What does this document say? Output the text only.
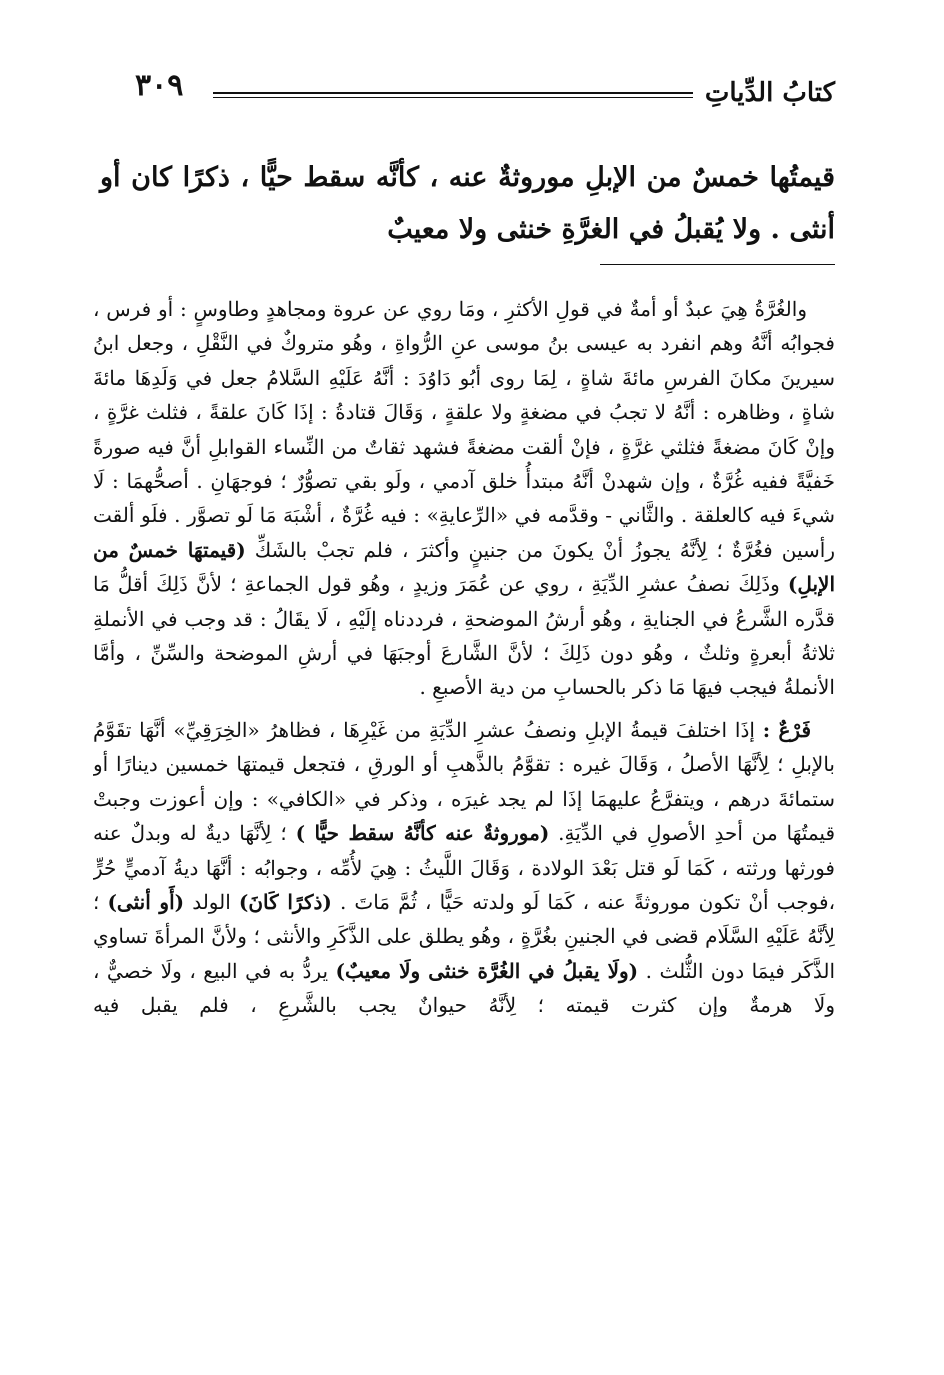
كتابُ الدِّياتِ
٣٠٩
قيمتُها خمسٌ من الإبلِ موروثةٌ عنه ، كأنَّه سقط حيًّا ، ذكرًا كان أو أنثى . ولا يُقبلُ في الغرَّةِ خنثى ولا معيبٌ

والغُرَّةُ هِيَ عبدٌ أو أمةٌ في قولِ الأكثرِ ، ومَا روي عن عروة ومجاهدٍ وطاوسٍ : أو فرس ، فجوابُه أنَّهُ وهم انفرد به عيسى بنُ موسى عنِ الرُّواةِ ، وهُو متروكٌ في النَّقْلِ ، وجعل ابنُ سيرينَ مكانَ الفرسِ مائةَ شاةٍ ، لِمَا روى أبُو دَاوُدَ : أنَّهُ عَلَيْهِ السَّلامُ جعل في وَلَدِهَا مائةَ شاةٍ ، وظاهره : أنَّهُ لا تجبُ في مضغةٍ ولا علقةٍ ، وَقَالَ قتادةُ : إذَا كَانَ علقةً ، فثلث غرَّةٍ ، وإنْ كَانَ مضغةً فثلثي غرَّةٍ ، فإنْ ألقت مضغةً فشهد ثقاتٌ من النِّساء القوابلِ أنَّ فيه صورةً خَفيَّةً ففيه غُرَّةٌ ، وإن شهدنْ أنَّهُ مبتدأُ خلق آدمي ، ولَو بقي تصوُّرٌ ؛ فوجهَانِ . أصحُّهمَا : لَا شيءَ فيه كالعلقة . والثَّاني - وقدَّمه في «الرِّعايةِ» : فيه غُرَّةٌ ، أشْبَهَ مَا لَو تصوَّر . فلَو ألقت رأسين فغُرَّةٌ ؛ لِأنَّهُ يجوزُ أنْ يكونَ من جنينٍ وأكثرَ ، فلم تجبْ بالشَكِّ (قيمتهَا خمسٌ من الإبلِ) وذَلِكَ نصفُ عشرِ الدِّيَةِ ، روي عن عُمَرَ وزيدٍ ، وهُو قول الجماعةِ ؛ لأنَّ ذَلِكَ أقلُّ مَا قدَّره الشَّرعُ في الجنايةِ ، وهُو أرشُ الموضحةِ ، فرددناه إلَيْهِ ، لَا يقَالُ : قد وجب في الأنملةِ ثلاثةُ أبعرةٍ وثلثٌ ، وهُو دون ذَلِكَ ؛ لأنَّ الشَّارعَ أوجبَهَا في أرشِ الموضحة والسِّنِّ ، وأمَّا الأنملةُ فيجب فيهَا مَا ذكر بالحسابِ من دية الأصبعِ .

فَرْعٌ : إذَا اختلفَ قيمةُ الإبلِ ونصفُ عشرِ الدِّيَةِ من غَيْرِهَا ، فظاهرُ «الخِرَقِيِّ» أنَّهَا تقَوَّمُ بالإبلِ ؛ لِأنَّهَا الأصلُ ، وَقَالَ غيره : تقوَّمُ بالذَّهبِ أو الورقِ ، فتجعل قيمتهَا خمسين دينارًا أو ستمائةَ درهم ، ويتفرَّعُ عليهمَا إذَا لم يجد غيرَه ، وذكر في «الكافي» : وإن أعوزت وجبتْ قيمتُهَا من أحدِ الأصولِ في الدِّيَةِ. (موروثةٌ عنه كأنَّهُ سقط حيًّا ) ؛ لِأنَّهَا ديةٌ له وبدلٌ عنه فورثها ورثته ، كَمَا لَو قتل بَعْدَ الولادة ، وَقَالَ اللَّيثُ : هِيَ لأُمِّه ، وجوابُه : أنَّهَا ديةُ آدميٍّ حُرٍّ ،فوجب أنْ تكون موروثةً عنه ، كَمَا لَو ولدته حَيًّا ، ثُمَّ مَاتَ . (ذكرًا كَانَ) الولد (أَو أنثى) ؛ لِأنَّهُ عَلَيْهِ السَّلَام قضى في الجنينِ بغُرَّةٍ ، وهُو يطلق على الذَّكَرِ والأنثى ؛ ولأنَّ المرأةَ تساوي الذَّكَر فيمَا دون الثُّلث . (ولَا يقبلُ في الغُرَّة خنثى ولَا معيبٌ) يردُّ به في البيع ، ولَا خصيٌّ ، ولَا هرمةٌ وإن كثرت قيمته ؛ لِأنَّهُ حيوانٌ يجب بالشَّرعِ ، فلم يقبل فيه
